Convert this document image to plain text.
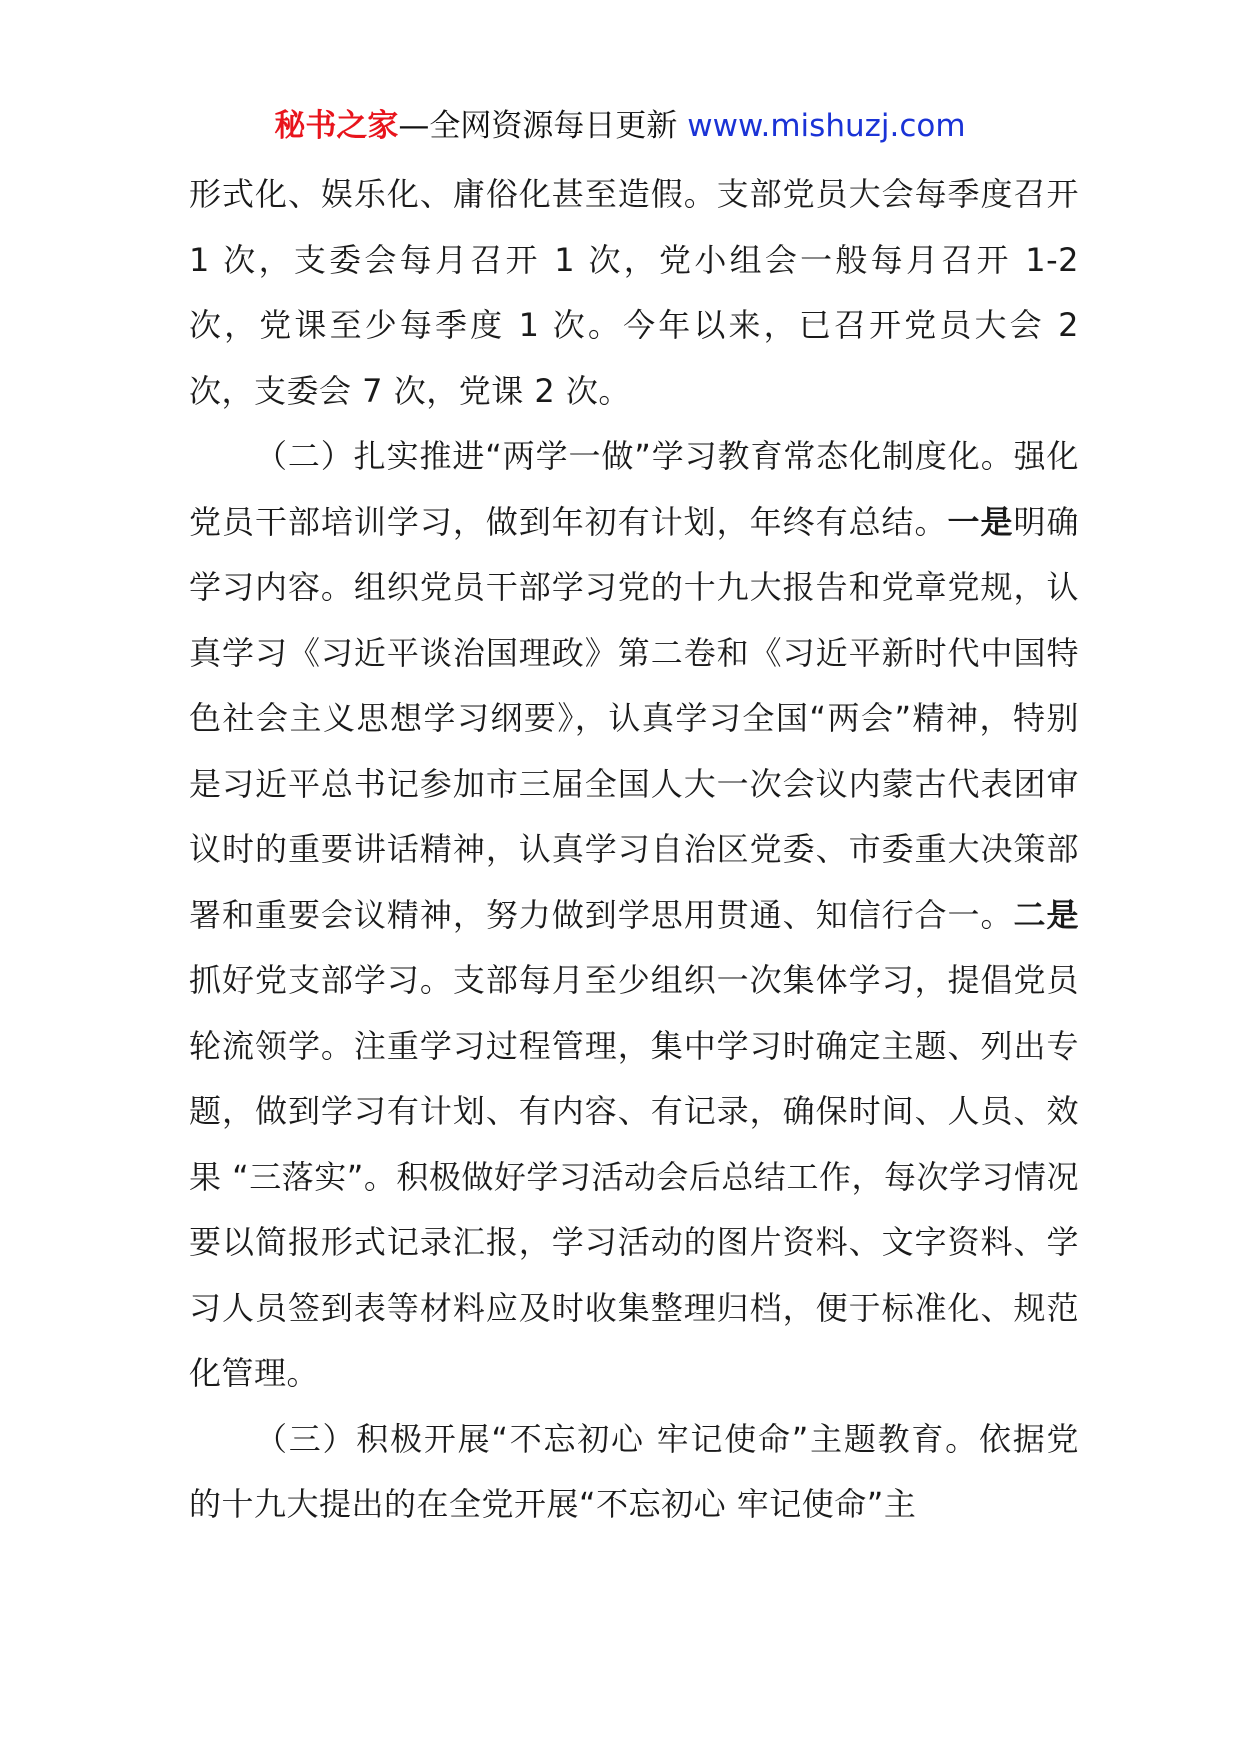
秘书之家—全网资源每日更新 www.mishuzj.com

形式化、娱乐化、庸俗化甚至造假。支部党员大会每季度召开 1 次，支委会每月召开 1 次，党小组会一般每月召开 1-2 次，党课至少每季度 1 次。今年以来，已召开党员大会 2 次，支委会 7 次，党课 2 次。

（二）扎实推进“两学一做”学习教育常态化制度化。强化党员干部培训学习，做到年初有计划，年终有总结。一是明确学习内容。组织党员干部学习党的十九大报告和党章党规，认真学习《习近平谈治国理政》第二卷和《习近平新时代中国特色社会主义思想学习纲要》，认真学习全国“两会”精神，特别是习近平总书记参加市三届全国人大一次会议内蒙古代表团审议时的重要讲话精神，认真学习自治区党委、市委重大决策部署和重要会议精神，努力做到学思用贯通、知信行合一。二是抓好党支部学习。支部每月至少组织一次集体学习，提倡党员轮流领学。注重学习过程管理，集中学习时确定主题、列出专题，做到学习有计划、有内容、有记录，确保时间、人员、效果 “三落实”。积极做好学习活动会后总结工作，每次学习情况要以简报形式记录汇报，学习活动的图片资料、文字资料、学习人员签到表等材料应及时收集整理归档，便于标准化、规范化管理。

（三）积极开展“不忘初心 牢记使命”主题教育。依据党的十九大提出的在全党开展“不忘初心 牢记使命”主
